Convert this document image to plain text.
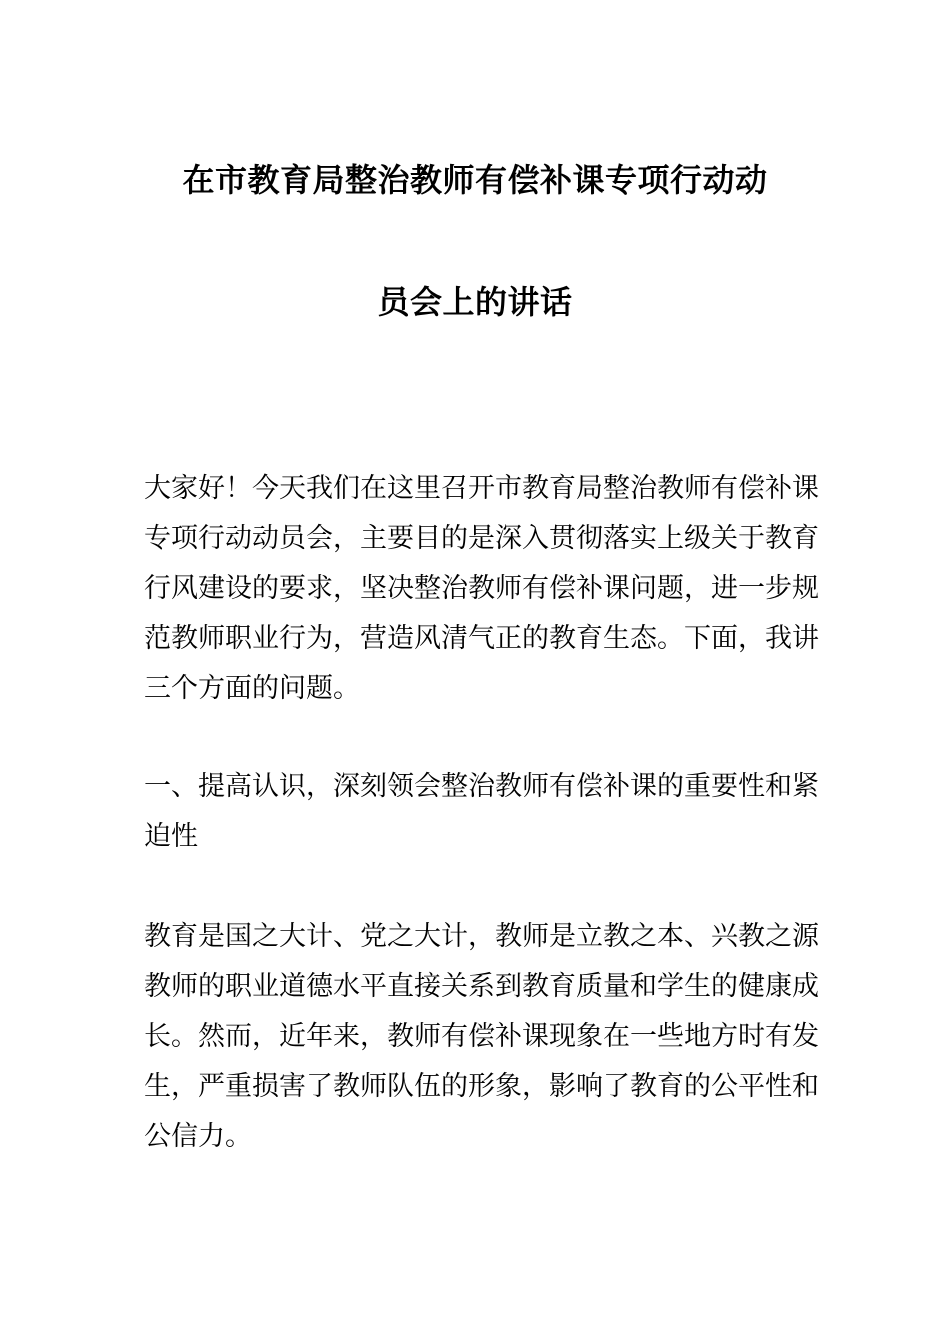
在市教育局整治教师有偿补课专项行动动
员会上的讲话
大家好！今天我们在这里召开市教育局整治教师有偿补课
专项行动动员会，主要目的是深入贯彻落实上级关于教育
行风建设的要求，坚决整治教师有偿补课问题，进一步规
范教师职业行为，营造风清气正的教育生态。下面，我讲
三个方面的问题。
一、提高认识，深刻领会整治教师有偿补课的重要性和紧
迫性
教育是国之大计、党之大计，教师是立教之本、兴教之源
教师的职业道德水平直接关系到教育质量和学生的健康成
长。然而，近年来，教师有偿补课现象在一些地方时有发
生，严重损害了教师队伍的形象，影响了教育的公平性和
公信力。
